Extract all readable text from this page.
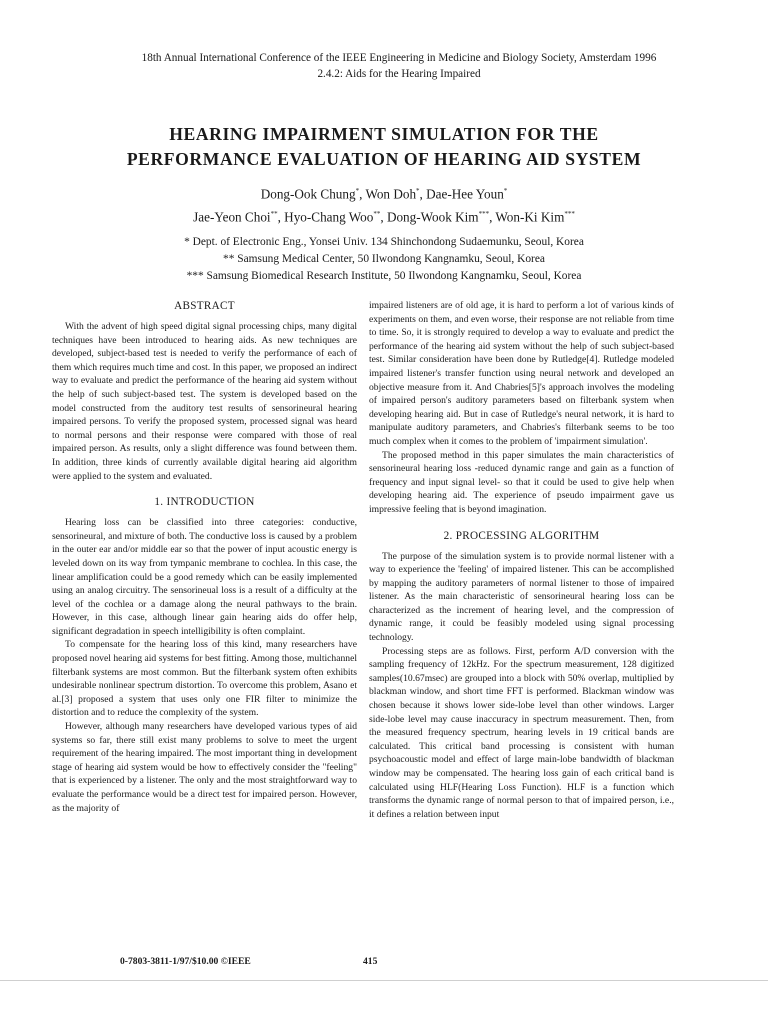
18th Annual International Conference of the IEEE Engineering in Medicine and Biology Society, Amsterdam 1996
2.4.2: Aids for the Hearing Impaired
HEARING IMPAIRMENT SIMULATION FOR THE
PERFORMANCE EVALUATION OF HEARING AID SYSTEM
Dong-Ook Chung*, Won Doh*, Dae-Hee Youn*
Jae-Yeon Choi**, Hyo-Chang Woo**, Dong-Wook Kim***, Won-Ki Kim***
* Dept. of Electronic Eng., Yonsei Univ. 134 Shinchondong Sudaemunku, Seoul, Korea
** Samsung Medical Center, 50 Ilwondong Kangnamku, Seoul, Korea
*** Samsung Biomedical Research Institute, 50 Ilwondong Kangnamku, Seoul, Korea
ABSTRACT

With the advent of high speed digital signal processing chips, many digital techniques have been introduced to hearing aids. As new techniques are developed, subject-based test is needed to verify the performance of each of them which requires much time and cost. In this paper, we proposed an indirect way to evaluate and predict the performance of the hearing aid system without the help of such subject-based test. The system is developed based on the model constructed from the auditory test results of sensorineural hearing impaired persons. To verify the proposed system, processed signal was heard to normal persons and their response were compared with those of real impaired person. As results, only a slight difference was found between them. In addition, three kinds of currently available digital hearing aid algorithm were applied to the system and evaluated.

1. INTRODUCTION

Hearing loss can be classified into three categories: conductive, sensorineural, and mixture of both. The conductive loss is caused by a problem in the outer ear and/or middle ear so that the power of input acoustic energy is leveled down on its way from tympanic membrane to cochlea. In this case, the linear amplification could be a good remedy which can be easily implemented using an analog circuitry. The sensorineual loss is a result of a difficulty at the level of the cochlea or a damage along the neural pathways to the brain. However, in this case, although linear gain hearing aids do offer help, significant degradation in speech intelligibility is often complaint.

To compensate for the hearing loss of this kind, many researchers have proposed novel hearing aid systems for best fitting. Among those, multichannel filterbank systems are most common. But the filterbank system often exhibits undesirable nonlinear spectrum distortion. To overcome this problem, Asano et al.[3] proposed a system that uses only one FIR filter to minimize the distortion and to reduce the complexity of the system.

However, although many researchers have developed various types of aid systems so far, there still exist many problems to solve to meet the urgent requirement of the hearing impaired. The most important thing in development stage of hearing aid system would be how to effectively consider the "feeling" that is experienced by a listener. The only and the most straightforward way to evaluate the performance would be a direct test for impaired person. However, as the majority of

impaired listeners are of old age, it is hard to perform a lot of various kinds of experiments on them, and even worse, their response are not reliable from time to time. So, it is strongly required to develop a way to evaluate and predict the performance of the hearing aid system without the help of such subject-based test. Similar consideration have been done by Rutledge[4]. Rutledge modeled impaired listener's transfer function using neural network and developed an objective measure from it. And Chabries[5]'s approach involves the modeling of impaired person's auditory parameters based on filterbank system when developing hearing aid. But in case of Rutledge's neural network, it is hard to manipulate auditory parameters, and Chabries's filterbank seems to be too much complex when it comes to the problem of 'impairment simulation'.

The proposed method in this paper simulates the main characteristics of sensorineural hearing loss -reduced dynamic range and gain as a function of frequency and input signal level- so that it could be used to give help when developing hearing aid. The experience of pseudo impairment gave us impressive feeling that is beyond imagination.

2. PROCESSING ALGORITHM

The purpose of the simulation system is to provide normal listener with a way to experience the 'feeling' of impaired listener. This can be accomplished by mapping the auditory parameters of normal listener to those of impaired listener. As the main characteristic of sensorineural hearing loss can be characterized as the increment of hearing level, and the compression of dynamic range, it could be feasibly modeled using signal processing technology.

Processing steps are as follows. First, perform A/D conversion with the sampling frequency of 12kHz. For the spectrum measurement, 128 digitized samples(10.67msec) are grouped into a block with 50% overlap, multiplied by blackman window, and short time FFT is performed. Blackman window was chosen because it shows lower side-lobe level than other windows. Larger side-lobe level may cause inaccuracy in spectrum measurement. Then, from the measured frequency spectrum, hearing levels in 19 critical bands are calculated. This critical band processing is consistent with human psychoacoustic model and effect of large main-lobe bandwidth of blackman window may be compensated. The hearing loss gain of each critical band is calculated using HLF(Hearing Loss Function). HLF is a function which transforms the dynamic range of normal person to that of impaired person, i.e., it defines a relation between input

0-7803-3811-1/97/$10.00 ©IEEE	415
